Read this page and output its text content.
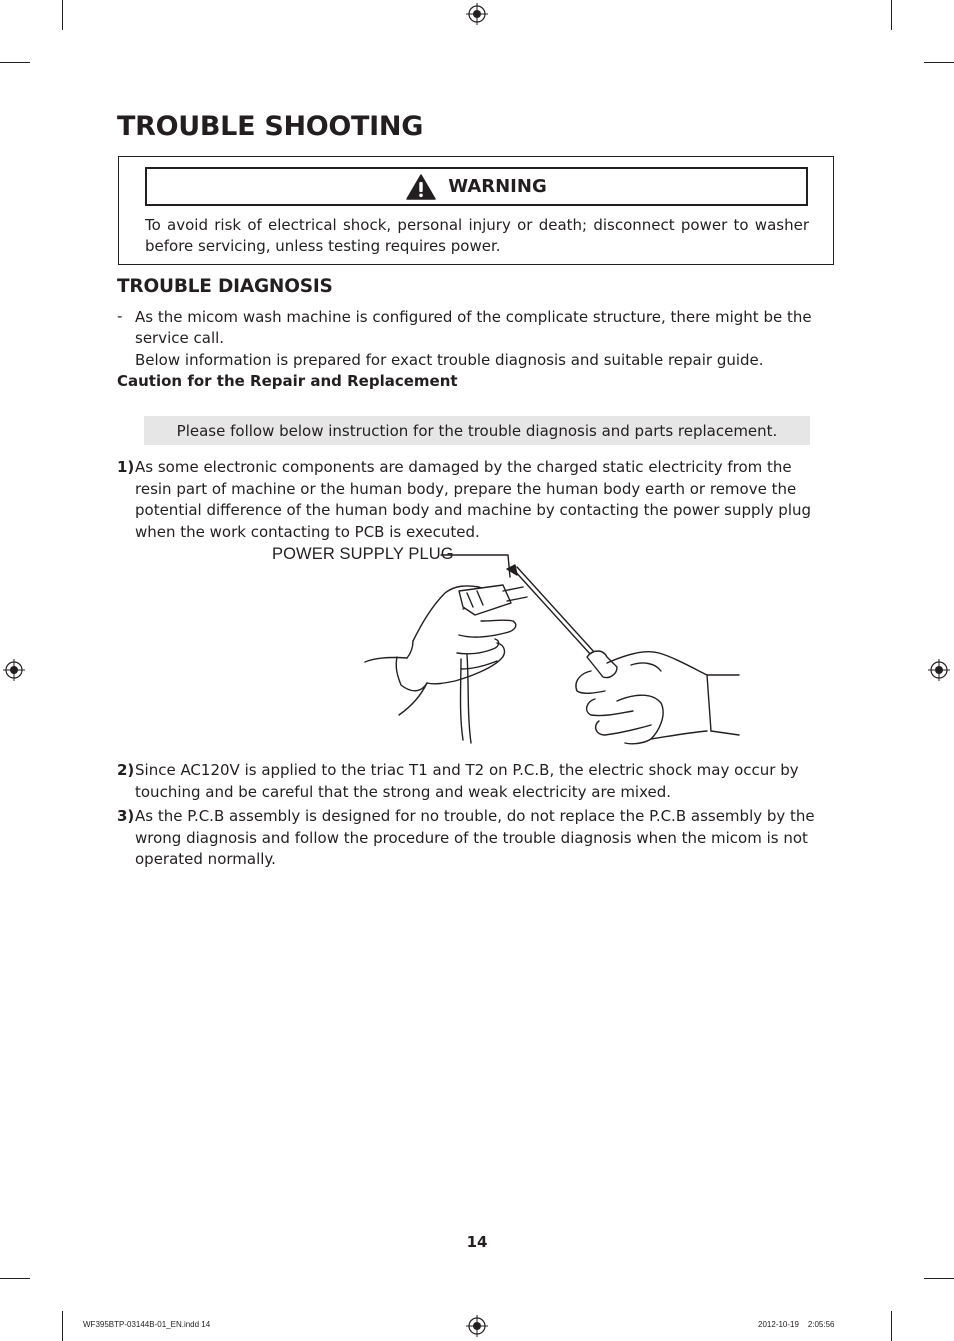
TROUBLE SHOOTING
WARNING
To avoid risk of electrical shock, personal injury or death; disconnect power to washer before servicing, unless testing requires power.
TROUBLE DIAGNOSIS
- As the micom wash machine is configured of the complicate structure, there might be the
service call.
Below information is prepared for exact trouble diagnosis and suitable repair guide.
Caution for the Repair and Replacement
Please follow below instruction for the trouble diagnosis and parts replacement.
1) As some electronic components are damaged by the charged static electricity from the resin part of machine or the human body, prepare the human body earth or remove the potential difference of the human body and machine by contacting the power supply plug when the work contacting to PCB is executed.
POWER SUPPLY PLUG
2) Since AC120V is applied to the triac T1 and T2 on P.C.B, the electric shock may occur by touching and be careful that the strong and weak electricity are mixed.
3) As the P.C.B assembly is designed for no trouble, do not replace the P.C.B assembly by the wrong diagnosis and follow the procedure of the trouble diagnosis when the micom is not operated normally.
14
WF395BTP-03144B-01_EN.indd 14	2012-10-19    2:05:56
